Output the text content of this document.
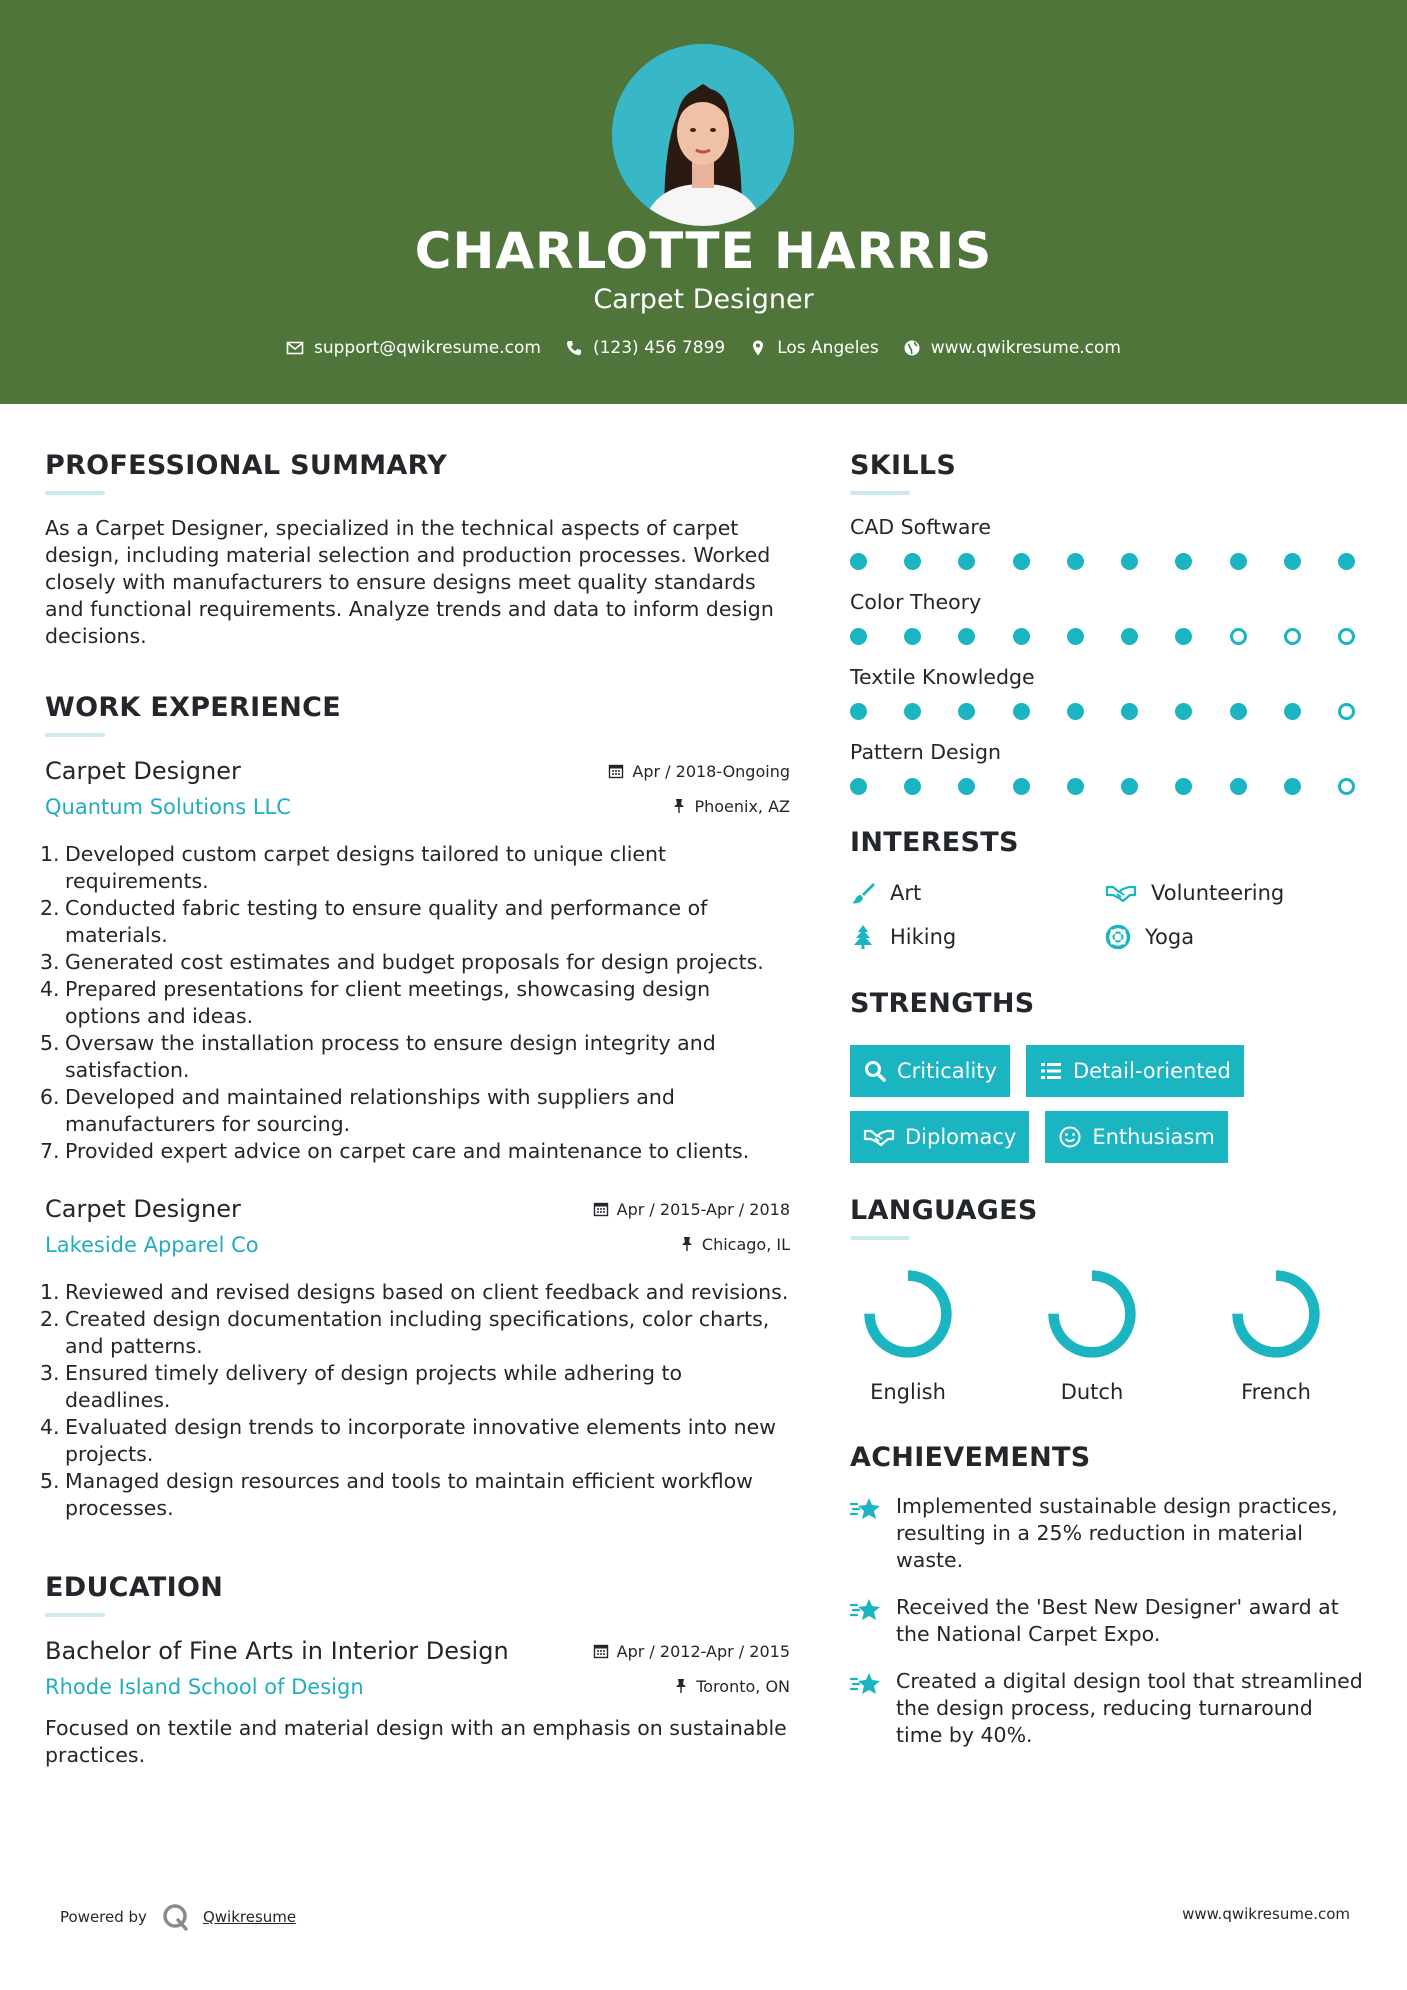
CHARLOTTE HARRIS
Carpet Designer
support@qwikresume.com	(123) 456 7899	Los Angeles	www.qwikresume.com
PROFESSIONAL SUMMARY
As a Carpet Designer, specialized in the technical aspects of carpet design, including material selection and production processes. Worked closely with manufacturers to ensure designs meet quality standards and functional requirements. Analyze trends and data to inform design decisions.
WORK EXPERIENCE
Carpet Designer	Apr / 2018-Ongoing
Quantum Solutions LLC	Phoenix, AZ
1. Developed custom carpet designs tailored to unique client requirements.
2. Conducted fabric testing to ensure quality and performance of materials.
3. Generated cost estimates and budget proposals for design projects.
4. Prepared presentations for client meetings, showcasing design options and ideas.
5. Oversaw the installation process to ensure design integrity and satisfaction.
6. Developed and maintained relationships with suppliers and manufacturers for sourcing.
7. Provided expert advice on carpet care and maintenance to clients.
Carpet Designer	Apr / 2015-Apr / 2018
Lakeside Apparel Co	Chicago, IL
1. Reviewed and revised designs based on client feedback and revisions.
2. Created design documentation including specifications, color charts, and patterns.
3. Ensured timely delivery of design projects while adhering to deadlines.
4. Evaluated design trends to incorporate innovative elements into new projects.
5. Managed design resources and tools to maintain efficient workflow processes.
EDUCATION
Bachelor of Fine Arts in Interior Design	Apr / 2012-Apr / 2015
Rhode Island School of Design	Toronto, ON
Focused on textile and material design with an emphasis on sustainable practices.
SKILLS
CAD Software
Color Theory
Textile Knowledge
Pattern Design
INTERESTS
Art	Volunteering
Hiking	Yoga
STRENGTHS
Criticality	Detail-oriented
Diplomacy	Enthusiasm
LANGUAGES
English	Dutch	French
ACHIEVEMENTS
Implemented sustainable design practices, resulting in a 25% reduction in material waste.
Received the 'Best New Designer' award at the National Carpet Expo.
Created a digital design tool that streamlined the design process, reducing turnaround time by 40%.
Powered by	Qwikresume	www.qwikresume.com
